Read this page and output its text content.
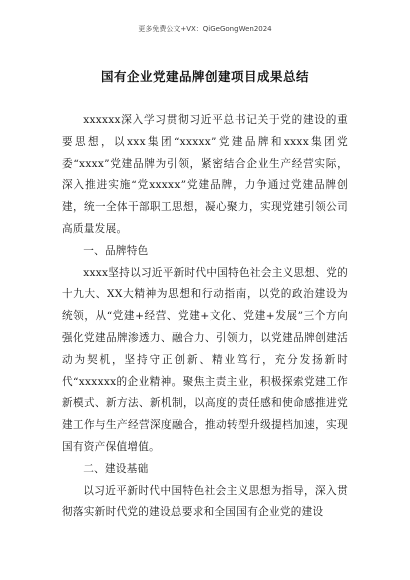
更多免费公文+VX：QiGeGongWen2024
国有企业党建品牌创建项目成果总结

xxxxxx深入学习贯彻习近平总书记关于党的建设的重要思想，以xxx集团“xxxxx”党建品牌和xxxx集团党委“xxxx”党建品牌为引领，紧密结合企业生产经营实际，深入推进实施“党xxxxx”党建品牌，力争通过党建品牌创建，统一全体干部职工思想，凝心聚力，实现党建引领公司高质量发展。

一、品牌特色

xxxx坚持以习近平新时代中国特色社会主义思想、党的十九大、XX大精神为思想和行动指南，以党的政治建设为统领，从“党建+经营、党建+文化、党建+发展”三个方向强化党建品牌渗透力、融合力、引领力，以党建品牌创建活动为契机，坚持守正创新、精业笃行，充分发扬新时代“xxxxxx的企业精神。聚焦主责主业，积极探索党建工作新模式、新方法、新机制，以高度的责任感和使命感推进党建工作与生产经营深度融合，推动转型升级提档加速，实现国有资产保值增值。

二、建设基础

以习近平新时代中国特色社会主义思想为指导，深入贯彻落实新时代党的建设总要求和全国国有企业党的建设
